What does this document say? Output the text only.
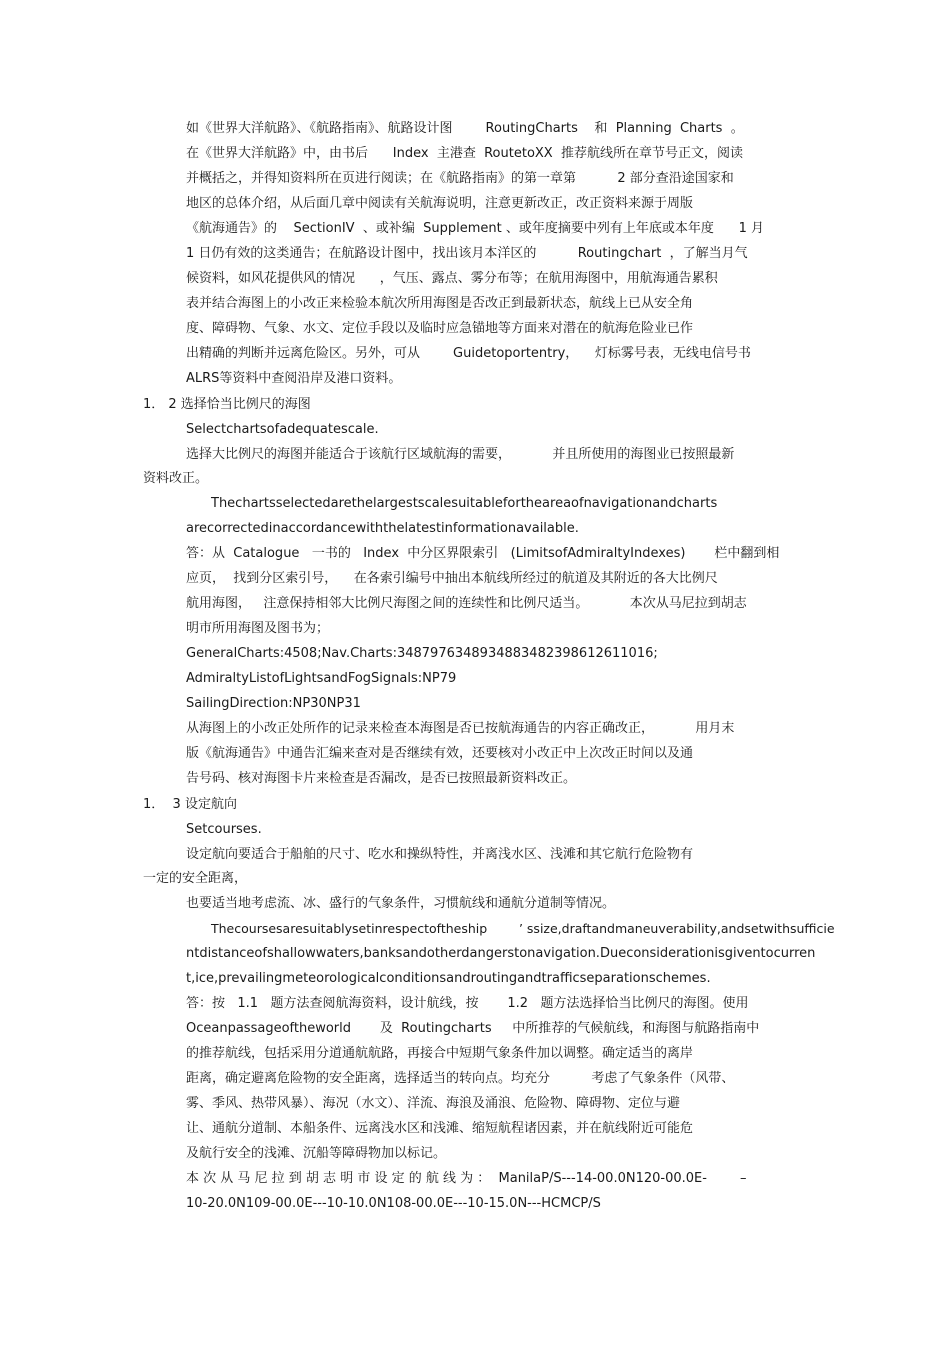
如《世界大洋航路》、《航路指南》、航路设计图        RoutingCharts    和  Planning  Charts  。
在《世界大洋航路》中，由书后      Index  主港查  RoutetoXX  推荐航线所在章节号正文，阅读
并概括之，并得知资料所在页进行阅读；在《航路指南》的第一章第          2 部分查沿途国家和
地区的总体介绍，从后面几章中阅读有关航海说明，注意更新改正，改正资料来源于周版
《航海通告》的    SectionIV  、或补编  Supplement 、或年度摘要中列有上年底或本年度      1 月
1 日仍有效的这类通告；在航路设计图中，找出该月本洋区的          Routingchart  ，了解当月气
候资料，如风花提供风的情况      ，气压、露点、雾分布等；在航用海图中，用航海通告累积
表并结合海图上的小改正来检验本航次所用海图是否改正到最新状态，航线上已从安全角
度、障碍物、气象、水文、定位手段以及临时应急锚地等方面来对潜在的航海危险业已作
出精确的判断并远离危险区。另外，可从        Guidetoportentry，    灯标雾号表，无线电信号书
ALRS等资料中查阅沿岸及港口资料。
1． 2 选择恰当比例尺的海图
Selectchartsofadequatescale.
选择大比例尺的海图并能适合于该航行区域航海的需要，          并且所使用的海图业已按照最新
资料改正。
Thechartsselectedarethelargestscalesuitablefortheareaofnavigationandcharts
arecorrectedinaccordancewiththelatestinformationavailable.
答：从  Catalogue   一书的   Index  中分区界限索引   (LimitsofAdmiraltyIndexes)       栏中翻到相
应页，  找到分区索引号，    在各索引编号中抽出本航线所经过的航道及其附近的各大比例尺
航用海图，   注意保持相邻大比例尺海图之间的连续性和比例尺适当。          本次从马尼拉到胡志
明市所用海图及图书为；
GeneralCharts:4508;Nav.Charts:34879763489348834823986​12611016;
AdmiraltyListofLightsandFogSignals:NP79
SailingDirection:NP30NP31
从海图上的小改正处所作的记录来检查本海图是否已按航海通告的内容正确改正，          用月末
版《航海通告》中通告汇编来查对是否继续有效，还要核对小改正中上次改正时间以及通
告号码、核对海图卡片来检查是否漏改，是否已按照最新资料改正。
1．  3 设定航向
Setcourses.
设定航向要适合于船舶的尺寸、吃水和操纵特性，并离浅水区、浅滩和其它航行危险物有
一定的安全距离，
也要适当地考虑流、冰、盛行的气象条件，习惯航线和通航分道制等情况。
Thecoursesaresuitablysetinrespectoftheship        ’ ssize,draftandmaneuverability,andsetwithsufficie
ntdistanceofshallowwaters,banksandotherdangerstonavigation.Dueconsiderationisgiventocurren
t,ice,prevailingmeteorologicalconditionsandroutingandtrafficseparationschemes.
答：按   1.1   题方法查阅航海资料，设计航线，按       1.2   题方法选择恰当比例尺的海图。使用
Oceanpassageoftheworld       及  Routingcharts     中所推荐的气候航线，和海图与航路指南中
的推荐航线，包括采用分道通航航路，再接合中短期气象条件加以调整。确定适当的离岸
距离，确定避离危险物的安全距离，选择适当的转向点。均充分          考虑了气象条件（风带、
雾、季风、热带风暴）、海况（水文）、洋流、海浪及涌浪、危险物、障碍物、定位与避
让、通航分道制、本船条件、远离浅水区和浅滩、缩短航程诸因素，并在航线附近可能危
及航行安全的浅滩、沉船等障碍物加以标记。
本 次 从 马 尼 拉 到 胡 志 明 市 设 定 的 航 线 为 ：  ManilaP/S---14-00.0N120-00.0E-        –
10-20.0N109-00.0E---10-10.0N108-00.0E---10-15.0N---HCMCP/S
